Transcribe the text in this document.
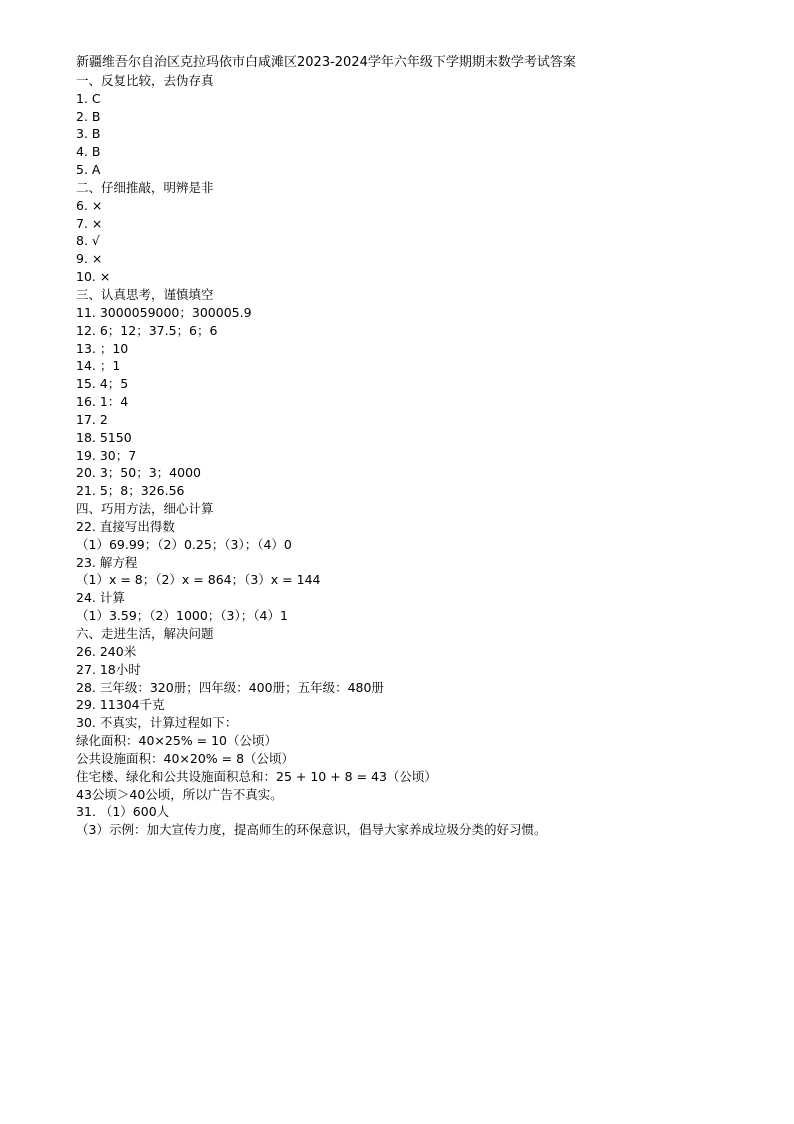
新疆维吾尔自治区克拉玛依市白咸滩区2023-2024学年六年级下学期期末数学考试答案
一、反复比较，去伪存真
1. C
2. B
3. B
4. B
5. A
二、仔细推敲，明辨是非
6. ×
7. ×
8. √
9. ×
10. ×
三、认真思考，谨慎填空
11. 3000059000；300005.9
12. 6；12；37.5；6；6
13. ；10
14. ；1
15. 4；5
16. 1：4
17. 2
18. 5150
19. 30；7
20. 3；50；3；4000
21. 5；8；326.56
四、巧用方法，细心计算
22. 直接写出得数
（1）69.99；（2）0.25；（3）；（4）0
23. 解方程
（1）x = 8；（2）x = 864；（3）x = 144
24. 计算
（1）3.59；（2）1000；（3）；（4）1
六、走进生活，解决问题
26. 240米
27. 18小时
28. 三年级：320册；四年级：400册；五年级：480册
29. 11304千克
30. 不真实，计算过程如下：
绿化面积：40×25% = 10（公顷）
公共设施面积：40×20% = 8（公顷）
住宅楼、绿化和公共设施面积总和：25 + 10 + 8 = 43（公顷）
43公顷＞40公顷，所以广告不真实。
31. （1）600人
（3）示例：加大宣传力度，提高师生的环保意识，倡导大家养成垃圾分类的好习惯。
